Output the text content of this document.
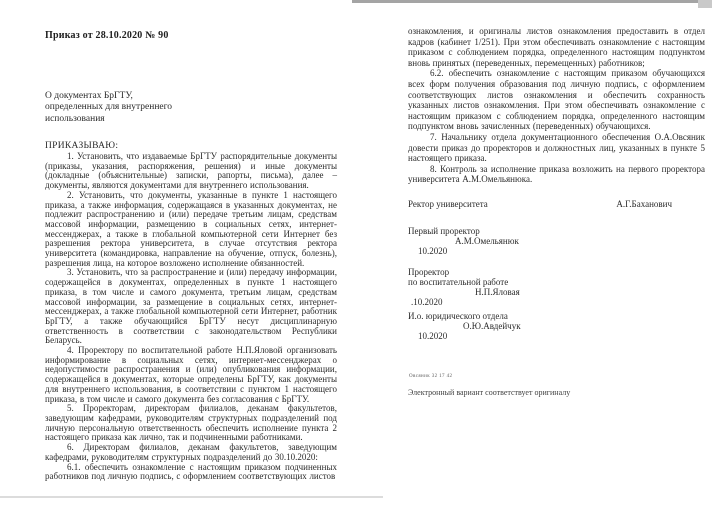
Приказ от 28.10.2020 № 90
О документах БрГТУ,
определенных для внутреннего
использования
ПРИКАЗЫВАЮ:

1. Установить, что издаваемые БрГТУ распорядительные документы (приказы, указания, распоряжения, решения) и иные документы (докладные (объяснительные) записки, рапорты, письма), далее – документы, являются документами для внутреннего использования.

2. Установить, что документы, указанные в пункте 1 настоящего приказа, а также информация, содержащаяся в указанных документах, не подлежит распространению и (или) передаче третьим лицам, средствам массовой информации, размещению в социальных сетях, интернет-мессенджерах, а также в глобальной компьютерной сети Интернет без разрешения ректора университета, в случае отсутствия ректора университета (командировка, направление на обучение, отпуск, болезнь), разрешения лица, на которое возложено исполнение обязанностей.

3. Установить, что за распространение и (или) передачу информации, содержащейся в документах, определенных в пункте 1 настоящего приказа, в том числе и самого документа, третьим лицам, средствам массовой информации, за размещение в социальных сетях, интернет-мессенджерах, а также глобальной компьютерной сети Интернет, работник БрГТУ, а также обучающийся БрГТУ несут дисциплинарную ответственность в соответствии с законодательством Республики Беларусь.

4. Проректору по воспитательной работе Н.П.Яловой организовать информирование в социальных сетях, интернет-мессенджерах о недопустимости распространения и (или) опубликования информации, содержащейся в документах, которые определены БрГТУ, как документы для внутреннего использования, в соответствии с пунктом 1 настоящего приказа, в том числе и самого документа без согласования с БрГТУ.

5. Проректорам, директорам филиалов, деканам факультетов, заведующим кафедрами, руководителям структурных подразделений под личную персональную ответственность обеспечить исполнение пункта 2 настоящего приказа как лично, так и подчиненными работниками.

6. Директорам филиалов, деканам факультетов, заведующим кафедрами, руководителям структурных подразделений до 30.10.2020:

6.1. обеспечить ознакомление с настоящим приказом подчиненных работников под личную подпись, с оформлением соответствующих листов

ознакомления, и оригиналы листов ознакомления предоставить в отдел кадров (кабинет 1/251). При этом обеспечивать ознакомление с настоящим приказом с соблюдением порядка, определенного настоящим подпунктом вновь принятых (переведенных, перемещенных) работников;

6.2. обеспечить ознакомление с настоящим приказом обучающихся всех форм получения образования под личную подпись, с оформлением соответствующих листов ознакомления и обеспечить сохранность указанных листов ознакомления. При этом обеспечивать ознакомление с настоящим приказом с соблюдением порядка, определенного настоящим подпунктом вновь зачисленных (переведенных) обучающихся.

7. Начальнику отдела документационного обеспечения О.А.Овсяник довести приказ до проректоров и должностных лиц, указанных в пункте 5 настоящего приказа.

8. Контроль за исполнение приказа возложить на первого проректора университета А.М.Омельянюка.

Ректор университета	А.Г.Баханович
Первый проректор
А.М.Омельянюк
10.2020
Проректор
по воспитательной работе
Н.П.Яловая
.10.2020
И.о. юридического отдела
О.Ю.Авдейчук
10.2020
Овсяник 32 17 42
Электронный вариант соответствует оригиналу
